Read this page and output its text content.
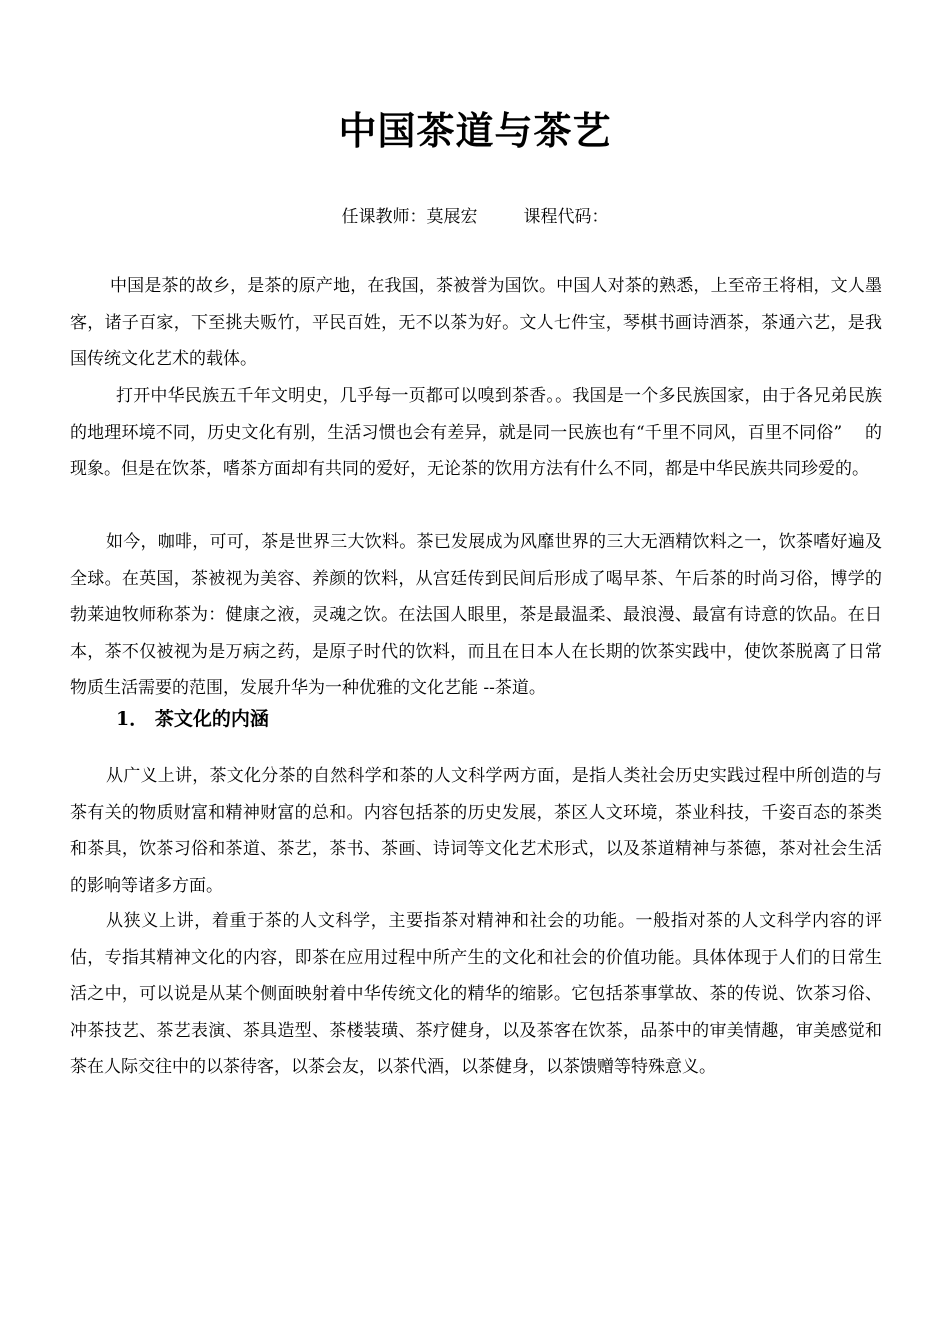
中国茶道与茶艺
任课教师：莫展宏	课程代码：

中国是茶的故乡，是茶的原产地，在我国，茶被誉为国饮。中国人对茶的熟悉，上至帝王将相，文人墨客，诸子百家，下至挑夫贩竹，平民百姓，无不以茶为好。文人七件宝，琴棋书画诗酒茶，茶通六艺，是我国传统文化艺术的载体。

打开中华民族五千年文明史，几乎每一页都可以嗅到茶香。。我国是一个多民族国家，由于各兄弟民族的地理环境不同，历史文化有别，生活习惯也会有差异，就是同一民族也有“千里不同风，百里不同俗”　 的现象。但是在饮茶，嗜茶方面却有共同的爱好，无论茶的饮用方法有什么不同，都是中华民族共同珍爱的。

如今，咖啡，可可，茶是世界三大饮料。茶已发展成为风靡世界的三大无酒精饮料之一，饮茶嗜好遍及全球。在英国，茶被视为美容、养颜的饮料，从宫廷传到民间后形成了喝早茶、午后茶的时尚习俗，博学的勃莱迪牧师称茶为：健康之液，灵魂之饮。在法国人眼里，茶是最温柔、最浪漫、最富有诗意的饮品。在日本，茶不仅被视为是万病之药，是原子时代的饮料，而且在日本人在长期的饮茶实践中，使饮茶脱离了日常物质生活需要的范围，发展升华为一种优雅的文化艺能 --茶道。

1． 茶文化的内涵

从广义上讲，茶文化分茶的自然科学和茶的人文科学两方面，是指人类社会历史实践过程中所创造的与茶有关的物质财富和精神财富的总和。内容包括茶的历史发展，茶区人文环境，茶业科技，千姿百态的茶类和茶具，饮茶习俗和茶道、茶艺，茶书、茶画、诗词等文化艺术形式，以及茶道精神与茶德，茶对社会生活的影响等诸多方面。

从狭义上讲，着重于茶的人文科学，主要指茶对精神和社会的功能。一般指对茶的人文科学内容的评估，专指其精神文化的内容，即茶在应用过程中所产生的文化和社会的价值功能。具体体现于人们的日常生活之中，可以说是从某个侧面映射着中华传统文化的精华的缩影。它包括茶事掌故、茶的传说、饮茶习俗、冲茶技艺、茶艺表演、茶具造型、茶楼装璜、茶疗健身，以及茶客在饮茶，品茶中的审美情趣，审美感觉和茶在人际交往中的以茶待客，以茶会友，以茶代酒，以茶健身，以茶馈赠等特殊意义。
